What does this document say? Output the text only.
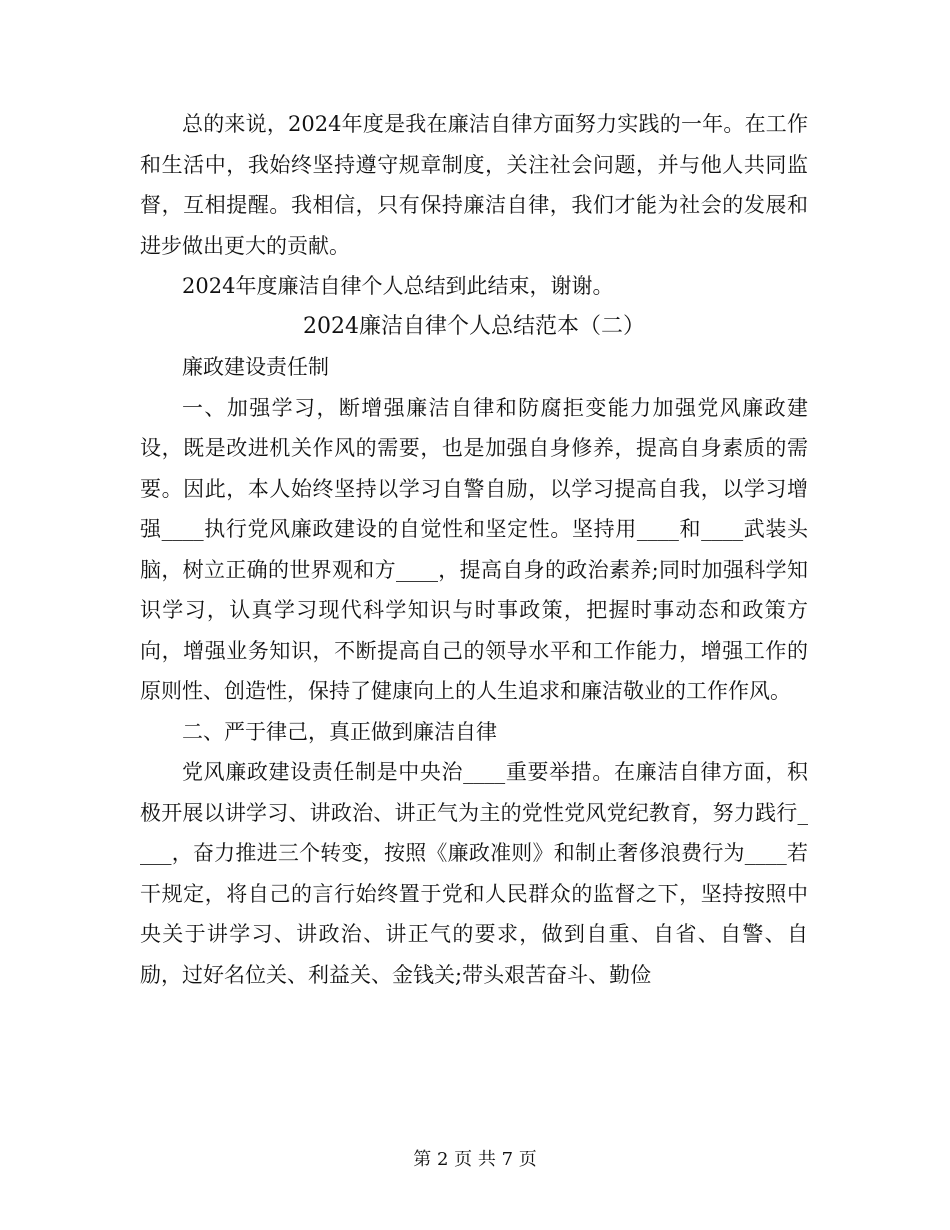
总的来说，2024年度是我在廉洁自律方面努力实践的一年。在工作和生活中，我始终坚持遵守规章制度，关注社会问题，并与他人共同监督，互相提醒。我相信，只有保持廉洁自律，我们才能为社会的发展和进步做出更大的贡献。

2024年度廉洁自律个人总结到此结束，谢谢。

2024廉洁自律个人总结范本（二）

廉政建设责任制

一、加强学习，断增强廉洁自律和防腐拒变能力加强党风廉政建设，既是改进机关作风的需要，也是加强自身修养，提高自身素质的需要。因此，本人始终坚持以学习自警自励，以学习提高自我，以学习增强____执行党风廉政建设的自觉性和坚定性。坚持用____和____武装头脑，树立正确的世界观和方____，提高自身的政治素养;同时加强科学知识学习，认真学习现代科学知识与时事政策，把握时事动态和政策方向，增强业务知识，不断提高自己的领导水平和工作能力，增强工作的原则性、创造性，保持了健康向上的人生追求和廉洁敬业的工作作风。

二、严于律己，真正做到廉洁自律

党风廉政建设责任制是中央治____重要举措。在廉洁自律方面，积极开展以讲学习、讲政治、讲正气为主的党性党风党纪教育，努力践行____，奋力推进三个转变，按照《廉政准则》和制止奢侈浪费行为____若干规定，将自己的言行始终置于党和人民群众的监督之下，坚持按照中央关于讲学习、讲政治、讲正气的要求，做到自重、自省、自警、自励，过好名位关、利益关、金钱关;带头艰苦奋斗、勤俭

第 2 页 共 7 页
